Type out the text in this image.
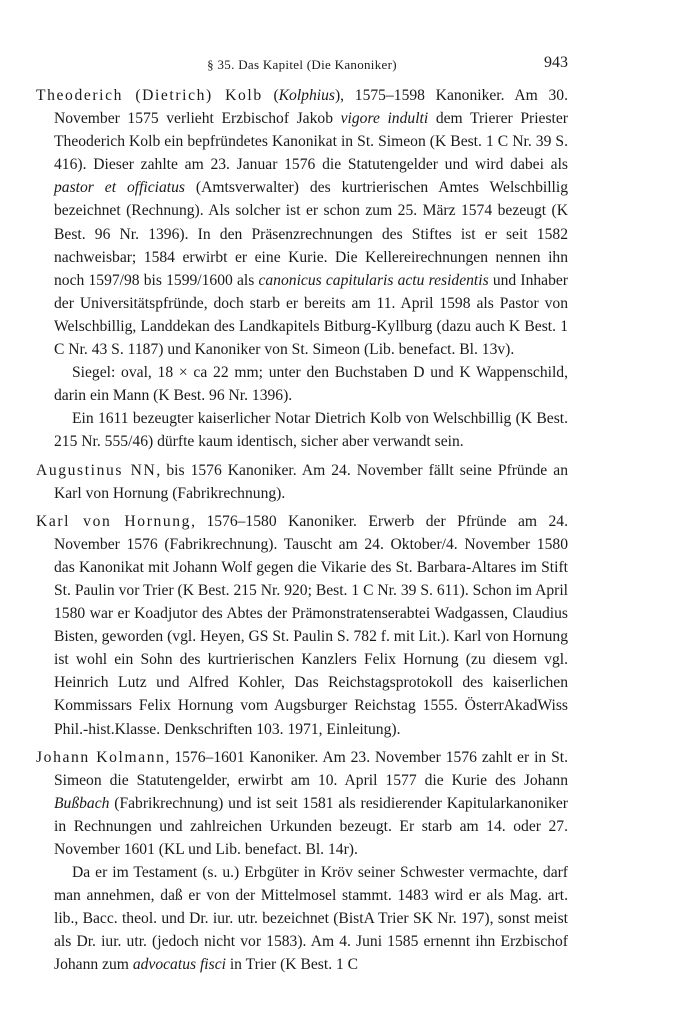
§ 35. Das Kapitel (Die Kanoniker)	943

Theoderich (Dietrich) Kolb (Kolphius), 1575–1598 Kanoniker. Am 30. November 1575 verlieht Erzbischof Jakob vigore indulti dem Trierer Priester Theoderich Kolb ein bepfründetes Kanonikat in St. Simeon (K Best. 1 C Nr. 39 S. 416). Dieser zahlte am 23. Januar 1576 die Statutengelder und wird dabei als pastor et officiatus (Amtsverwalter) des kurtrierischen Amtes Welschbillig bezeichnet (Rechnung). Als solcher ist er schon zum 25. März 1574 bezeugt (K Best. 96 Nr. 1396). In den Präsenzrechnungen des Stiftes ist er seit 1582 nachweisbar; 1584 erwirbt er eine Kurie. Die Kellereirechnungen nennen ihn noch 1597/98 bis 1599/1600 als canonicus capitularis actu residentis und Inhaber der Universitätspfründe, doch starb er bereits am 11. April 1598 als Pastor von Welschbillig, Landdekan des Landkapitels Bitburg-Kyllburg (dazu auch K Best. 1 C Nr. 43 S. 1187) und Kanoniker von St. Simeon (Lib. benefact. Bl. 13v).

Siegel: oval, 18 × ca 22 mm; unter den Buchstaben D und K Wappenschild, darin ein Mann (K Best. 96 Nr. 1396).

Ein 1611 bezeugter kaiserlicher Notar Dietrich Kolb von Welschbillig (K Best. 215 Nr. 555/46) dürfte kaum identisch, sicher aber verwandt sein.

Augustinus NN, bis 1576 Kanoniker. Am 24. November fällt seine Pfründe an Karl von Hornung (Fabrikrechnung).

Karl von Hornung, 1576–1580 Kanoniker. Erwerb der Pfründe am 24. November 1576 (Fabrikrechnung). Tauscht am 24. Oktober/4. November 1580 das Kanonikat mit Johann Wolf gegen die Vikarie des St. Barbara-Altares im Stift St. Paulin vor Trier (K Best. 215 Nr. 920; Best. 1 C Nr. 39 S. 611). Schon im April 1580 war er Koadjutor des Abtes der Prämonstratenserabtei Wadgassen, Claudius Bisten, geworden (vgl. Heyen, GS St. Paulin S. 782 f. mit Lit.). Karl von Hornung ist wohl ein Sohn des kurtrierischen Kanzlers Felix Hornung (zu diesem vgl. Heinrich Lutz und Alfred Kohler, Das Reichstagsprotokoll des kaiserlichen Kommissars Felix Hornung vom Augsburger Reichstag 1555. ÖsterrAkadWiss Phil.-hist.Klasse. Denkschriften 103. 1971, Einleitung).

Johann Kolmann, 1576–1601 Kanoniker. Am 23. November 1576 zahlt er in St. Simeon die Statutengelder, erwirbt am 10. April 1577 die Kurie des Johann Bußbach (Fabrikrechnung) und ist seit 1581 als residierender Kapitularkanoniker in Rechnungen und zahlreichen Urkunden bezeugt. Er starb am 14. oder 27. November 1601 (KL und Lib. benefact. Bl. 14r).

Da er im Testament (s. u.) Erbgüter in Kröv seiner Schwester vermachte, darf man annehmen, daß er von der Mittelmosel stammt. 1483 wird er als Mag. art. lib., Bacc. theol. und Dr. iur. utr. bezeichnet (BistA Trier SK Nr. 197), sonst meist als Dr. iur. utr. (jedoch nicht vor 1583). Am 4. Juni 1585 ernennt ihn Erzbischof Johann zum advocatus fisci in Trier (K Best. 1 C
